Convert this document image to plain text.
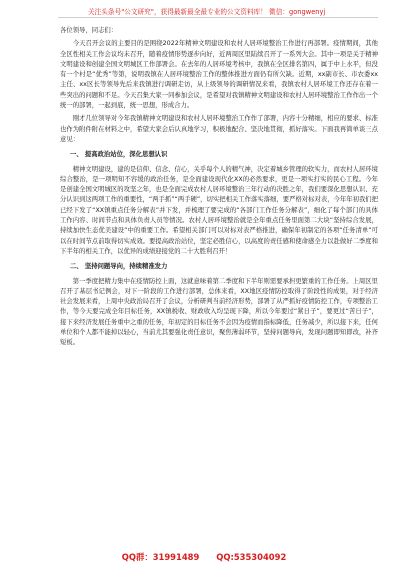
关注头条号"公文研究"，获得最新最全最专业的公文资料库！ 微信：gongwenyj

各位领导，同志们：

今天召开会议的主要目的是围绕2022年精神文明建设和农村人居环境整治工作进行再部署。疫情期间，其他全区性相关工作会议均未召开，随着疫情形势逐步向好，近两周区里陆续召开了一系列大会。其中一项是关于精神文明建设和创建全国文明城区工作部署会。在去年的人居环境考核中，我镇在全区排名第四，属于中上水平，但没有一个村是“优秀”等第，说明我镇在人居环境整治工作的整体推进方面仍有所欠缺。近期，xx副市长、市农委xx主任、xx区长等领导先后来我镇进行调研走访，从上级领导的调研情况来看，我镇农村人居环境工作还存在着一些突出的问题和不足。今天召集大家一同参加会议，是希望对我镇精神文明建设和农村人居环境整治工作作出一个统一的部署，一起到底，统一思想，形成合力。

刚才几位领导对今年我镇精神文明建设和农村人居环境整治工作作了部署，内容十分精细，相应的要求、标准也作为附件附在材料之中，希望大家会后认真地学习，积极地配合、坚决地贯彻，抓好落实。下面我再简单谈三点意见：

一、 提高政治站位，深化思想认识

精神文明建设，建的是信仰、信念、信心，关乎每个人的精气神，决定着城乡管理的软实力，而农村人居环境综合整治，是一项明知不容缓的政治任务，是全面建设现代化XX的必然要求，更是一项实打实的民心工程。今年是创建全国文明城区的攻坚之年，也是全面完成农村人居环境整治三年行动的决胜之年，我们要深化思想认识、充分认识到这两项工作的重要性，“两手抓”“两手硬”，切实把相关工作落实落细，要严格对标对表，今年年初我们把已经下发了“XX镇重点任务分解表”并下发，并梳理了要完成的“各部门工作任务分解表”，细化了每个部门的具体工作内容、时间节点和具体负责人员等情况。农村人居环境整治就是全年重点任务里面第二大块“坚持综合发展，持续加快生态优美建设”中的重要工作。希望相关部门可以对标对表严格推进，确保年初制定的各项“任务清单”可以在时间节点前取得切实成效。要提高政治站位，坚定必胜信心，以高度的责任感和使命感全力以赴做好二季度和下半年的相关工作，以优异的成绩迎接党的二十大胜利召开！

二、 坚持问题导向，持续精准发力

第一季度把精力集中在疫情防控上面，这就意味着第二季度和下半年则需要承担更繁重的工作任务。上周区里召开了基层书记例会，对下一阶段的工作进行部署，总体来看，XX地区疫情防控取得了阶段性的成果，对于经济社会发展来看，上周中央政治局召开了会议，分析研判当前经济形势，部署了从严抓好疫情防控工作，专项整治工作，等今天要完成全年目标任务，XX镇税收、财政收入均呈现下降，所以今年要过“紧日子”，要更过“苦日子”，接下来经济发展任务重中之重的任务，年初定的目标任务不会因为疫情而指标降低，任务减少，所以接下来，任何单位和个人都不能掉以轻心，当前尤其要强化责任意识，聚焦薄弱环节，坚持问题导向，发现问题即知即改，补齐短板。

QQ群：31991489 QQ:535304092
